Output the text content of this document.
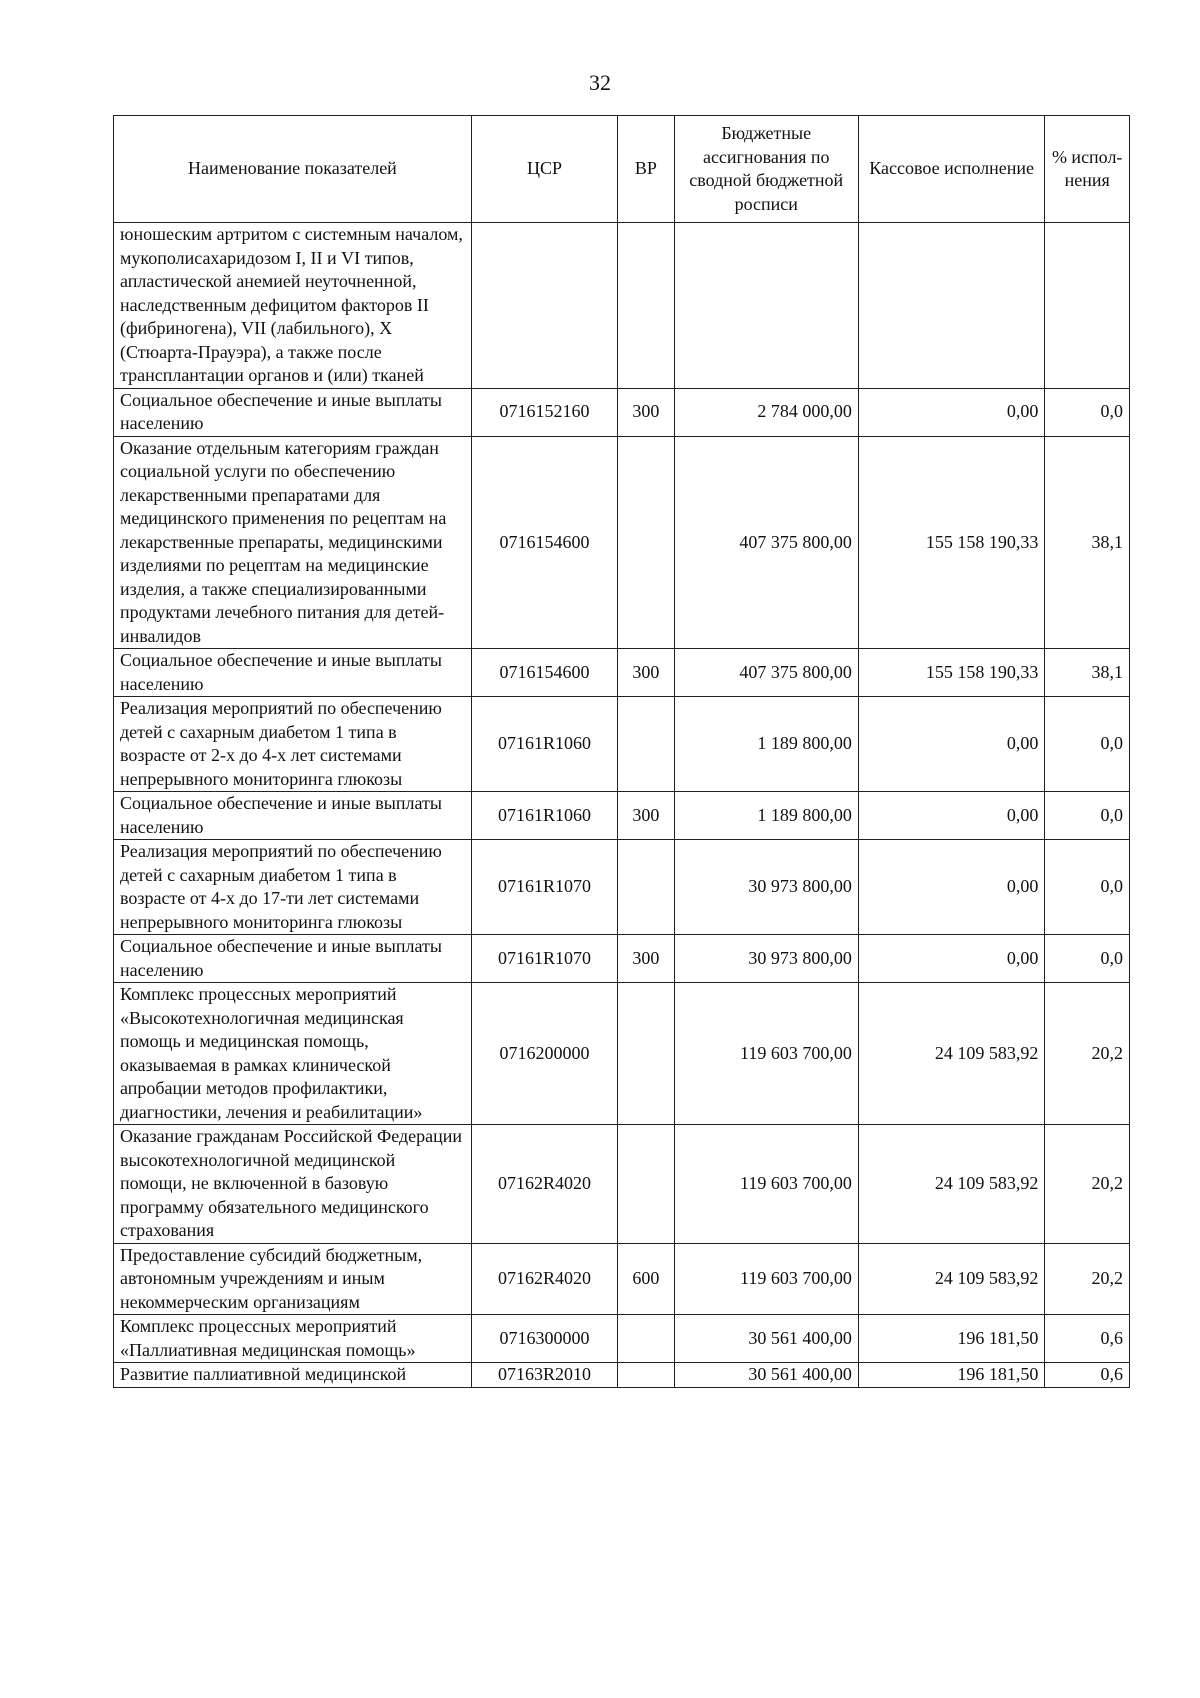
32
Наименование показателей	ЦСР	ВР	Бюджетные ассигнования по сводной бюджетной росписи	Кассовое исполнение	% испол-нения
юношеским артритом с системным началом, мукополисахаридозом I, II и VI типов, апластической анемией неуточненной, наследственным дефицитом факторов II (фибриногена), VII (лабильного), X (Стюарта-Прауэра), а также после трансплантации органов и (или) тканей					
Социальное обеспечение и иные выплаты населению	0716152160	300	2 784 000,00	0,00	0,0
Оказание отдельным категориям граждан социальной услуги по обеспечению лекарственными препаратами для медицинского применения по рецептам на лекарственные препараты, медицинскими изделиями по рецептам на медицинские изделия, а также специализированными продуктами лечебного питания для детей-инвалидов	0716154600		407 375 800,00	155 158 190,33	38,1
Социальное обеспечение и иные выплаты населению	0716154600	300	407 375 800,00	155 158 190,33	38,1
Реализация мероприятий по обеспечению детей с сахарным диабетом 1 типа в возрасте от 2-х до 4-х лет системами непрерывного мониторинга глюкозы	07161R1060		1 189 800,00	0,00	0,0
Социальное обеспечение и иные выплаты населению	07161R1060	300	1 189 800,00	0,00	0,0
Реализация мероприятий по обеспечению детей с сахарным диабетом 1 типа в возрасте от 4-х до 17-ти лет системами непрерывного мониторинга глюкозы	07161R1070		30 973 800,00	0,00	0,0
Социальное обеспечение и иные выплаты населению	07161R1070	300	30 973 800,00	0,00	0,0
Комплекс процессных мероприятий «Высокотехнологичная медицинская помощь и медицинская помощь, оказываемая в рамках клинической апробации методов профилактики, диагностики, лечения и реабилитации»	0716200000		119 603 700,00	24 109 583,92	20,2
Оказание гражданам Российской Федерации высокотехнологичной медицинской помощи, не включенной в базовую программу обязательного медицинского страхования	07162R4020		119 603 700,00	24 109 583,92	20,2
Предоставление субсидий бюджетным, автономным учреждениям и иным некоммерческим организациям	07162R4020	600	119 603 700,00	24 109 583,92	20,2
Комплекс процессных мероприятий «Паллиативная медицинская помощь»	0716300000		30 561 400,00	196 181,50	0,6
Развитие паллиативной медицинской	07163R2010		30 561 400,00	196 181,50	0,6
